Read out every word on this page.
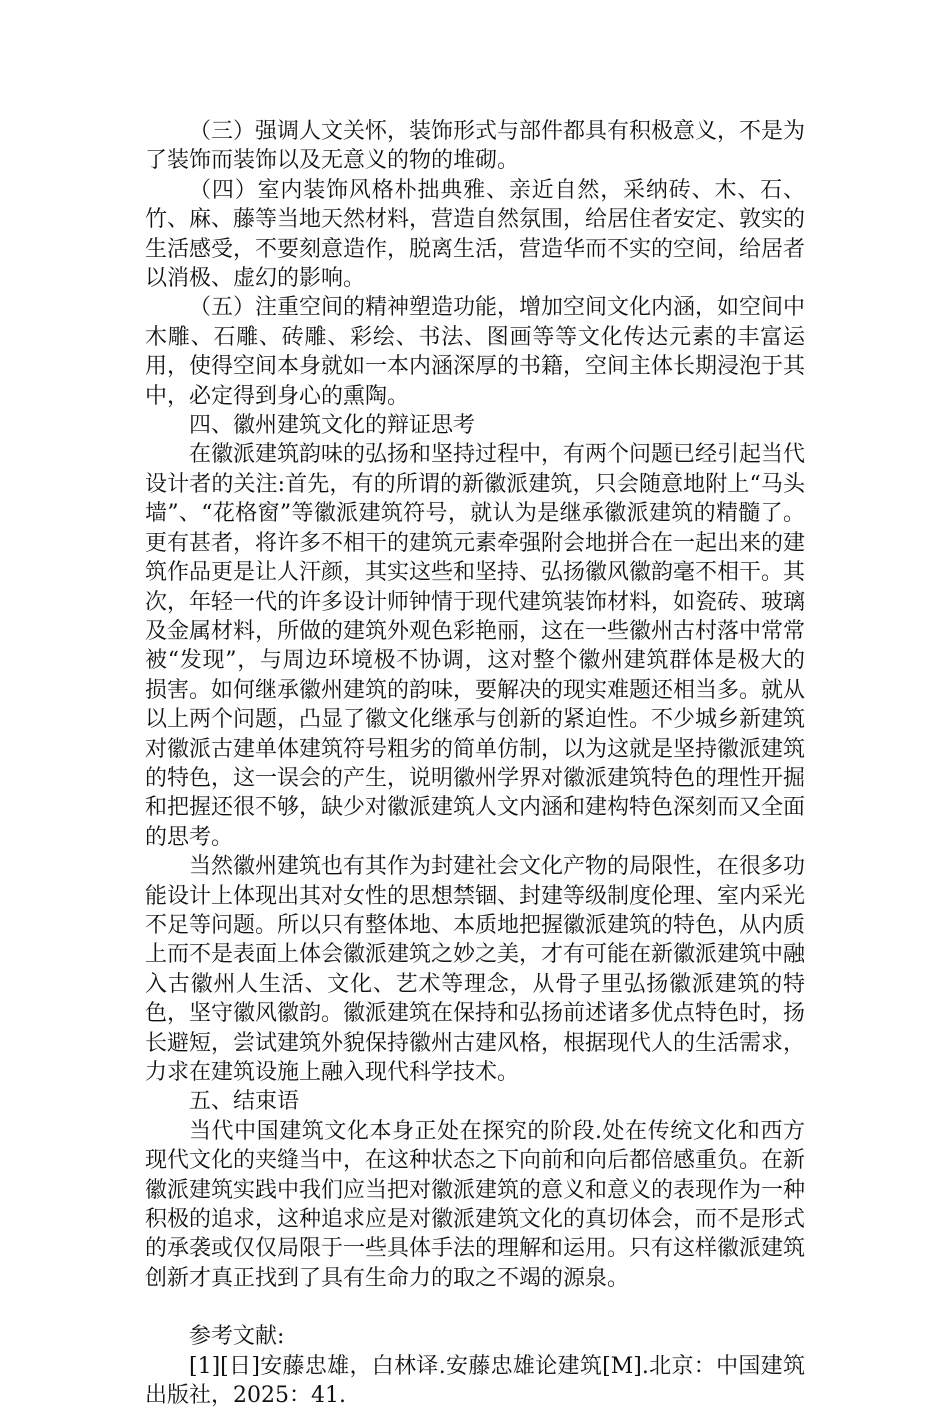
（三）强调人文关怀，装饰形式与部件都具有积极意义，不是为了装饰而装饰以及无意义的物的堆砌。

（四）室内装饰风格朴拙典雅、亲近自然，采纳砖、木、石、竹、麻、藤等当地天然材料，营造自然氛围，给居住者安定、敦实的生活感受，不要刻意造作，脱离生活，营造华而不实的空间，给居者以消极、虚幻的影响。

（五）注重空间的精神塑造功能，增加空间文化内涵，如空间中木雕、石雕、砖雕、彩绘、书法、图画等等文化传达元素的丰富运用，使得空间本身就如一本内涵深厚的书籍，空间主体长期浸泡于其中，必定得到身心的熏陶。

四、徽州建筑文化的辩证思考

在徽派建筑韵味的弘扬和坚持过程中，有两个问题已经引起当代设计者的关注:首先，有的所谓的新徽派建筑，只会随意地附上“马头墙”、“花格窗”等徽派建筑符号，就认为是继承徽派建筑的精髓了。更有甚者，将许多不相干的建筑元素牵强附会地拼合在一起出来的建筑作品更是让人汗颜，其实这些和坚持、弘扬徽风徽韵毫不相干。其次，年轻一代的许多设计师钟情于现代建筑装饰材料，如瓷砖、玻璃及金属材料，所做的建筑外观色彩艳丽，这在一些徽州古村落中常常被“发现”，与周边环境极不协调，这对整个徽州建筑群体是极大的损害。如何继承徽州建筑的韵味，要解决的现实难题还相当多。就从以上两个问题，凸显了徽文化继承与创新的紧迫性。不少城乡新建筑对徽派古建单体建筑符号粗劣的简单仿制，以为这就是坚持徽派建筑的特色，这一误会的产生，说明徽州学界对徽派建筑特色的理性开掘和把握还很不够，缺少对徽派建筑人文内涵和建构特色深刻而又全面的思考。

当然徽州建筑也有其作为封建社会文化产物的局限性，在很多功能设计上体现出其对女性的思想禁锢、封建等级制度伦理、室内采光不足等问题。所以只有整体地、本质地把握徽派建筑的特色，从内质上而不是表面上体会徽派建筑之妙之美，才有可能在新徽派建筑中融入古徽州人生活、文化、艺术等理念，从骨子里弘扬徽派建筑的特色，坚守徽风徽韵。徽派建筑在保持和弘扬前述诸多优点特色时，扬长避短，尝试建筑外貌保持徽州古建风格，根据现代人的生活需求，力求在建筑设施上融入现代科学技术。

五、结束语

当代中国建筑文化本身正处在探究的阶段.处在传统文化和西方现代文化的夹缝当中，在这种状态之下向前和向后都倍感重负。在新徽派建筑实践中我们应当把对徽派建筑的意义和意义的表现作为一种积极的追求，这种追求应是对徽派建筑文化的真切体会，而不是形式的承袭或仅仅局限于一些具体手法的理解和运用。只有这样徽派建筑创新才真正找到了具有生命力的取之不竭的源泉。

参考文献:

[1][日]安藤忠雄，白林译.安藤忠雄论建筑[M].北京：中国建筑出版社，2025：41.
